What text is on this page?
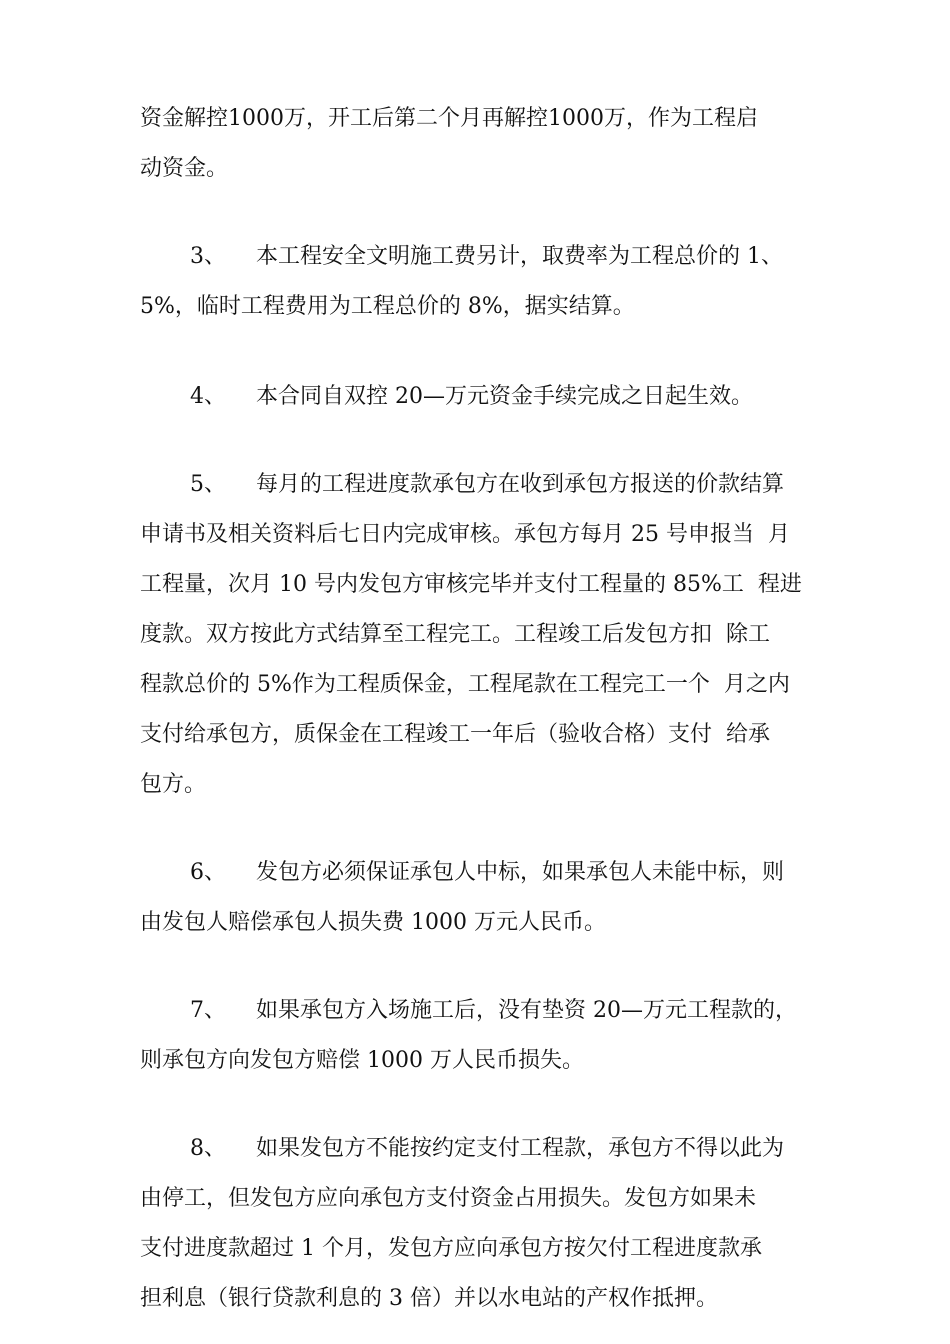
资金解控1000万，开工后第二个月再解控1000万，作为工程启
动资金。
3、 本工程安全文明施工费另计，取费率为工程总价的 1、
5%，临时工程费用为工程总价的 8%，据实结算。
4、 本合同自双控 20—万元资金手续完成之日起生效。
5、 每月的工程进度款承包方在收到承包方报送的价款结算
申请书及相关资料后七日内完成审核。承包方每月 25 号申报当  月
工程量，次月 10 号内发包方审核完毕并支付工程量的 85%工  程进
度款。双方按此方式结算至工程完工。工程竣工后发包方扣  除工
程款总价的 5%作为工程质保金，工程尾款在工程完工一个  月之内
支付给承包方，质保金在工程竣工一年后（验收合格）支付  给承
包方。
6、 发包方必须保证承包人中标，如果承包人未能中标，则
由发包人赔偿承包人损失费 1000 万元人民币。
7、 如果承包方入场施工后，没有垫资 20—万元工程款的，
则承包方向发包方赔偿 1000 万人民币损失。
8、 如果发包方不能按约定支付工程款，承包方不得以此为
由停工，但发包方应向承包方支付资金占用损失。发包方如果未
支付进度款超过 1 个月，发包方应向承包方按欠付工程进度款承
担利息（银行贷款利息的 3 倍）并以水电站的产权作抵押。
